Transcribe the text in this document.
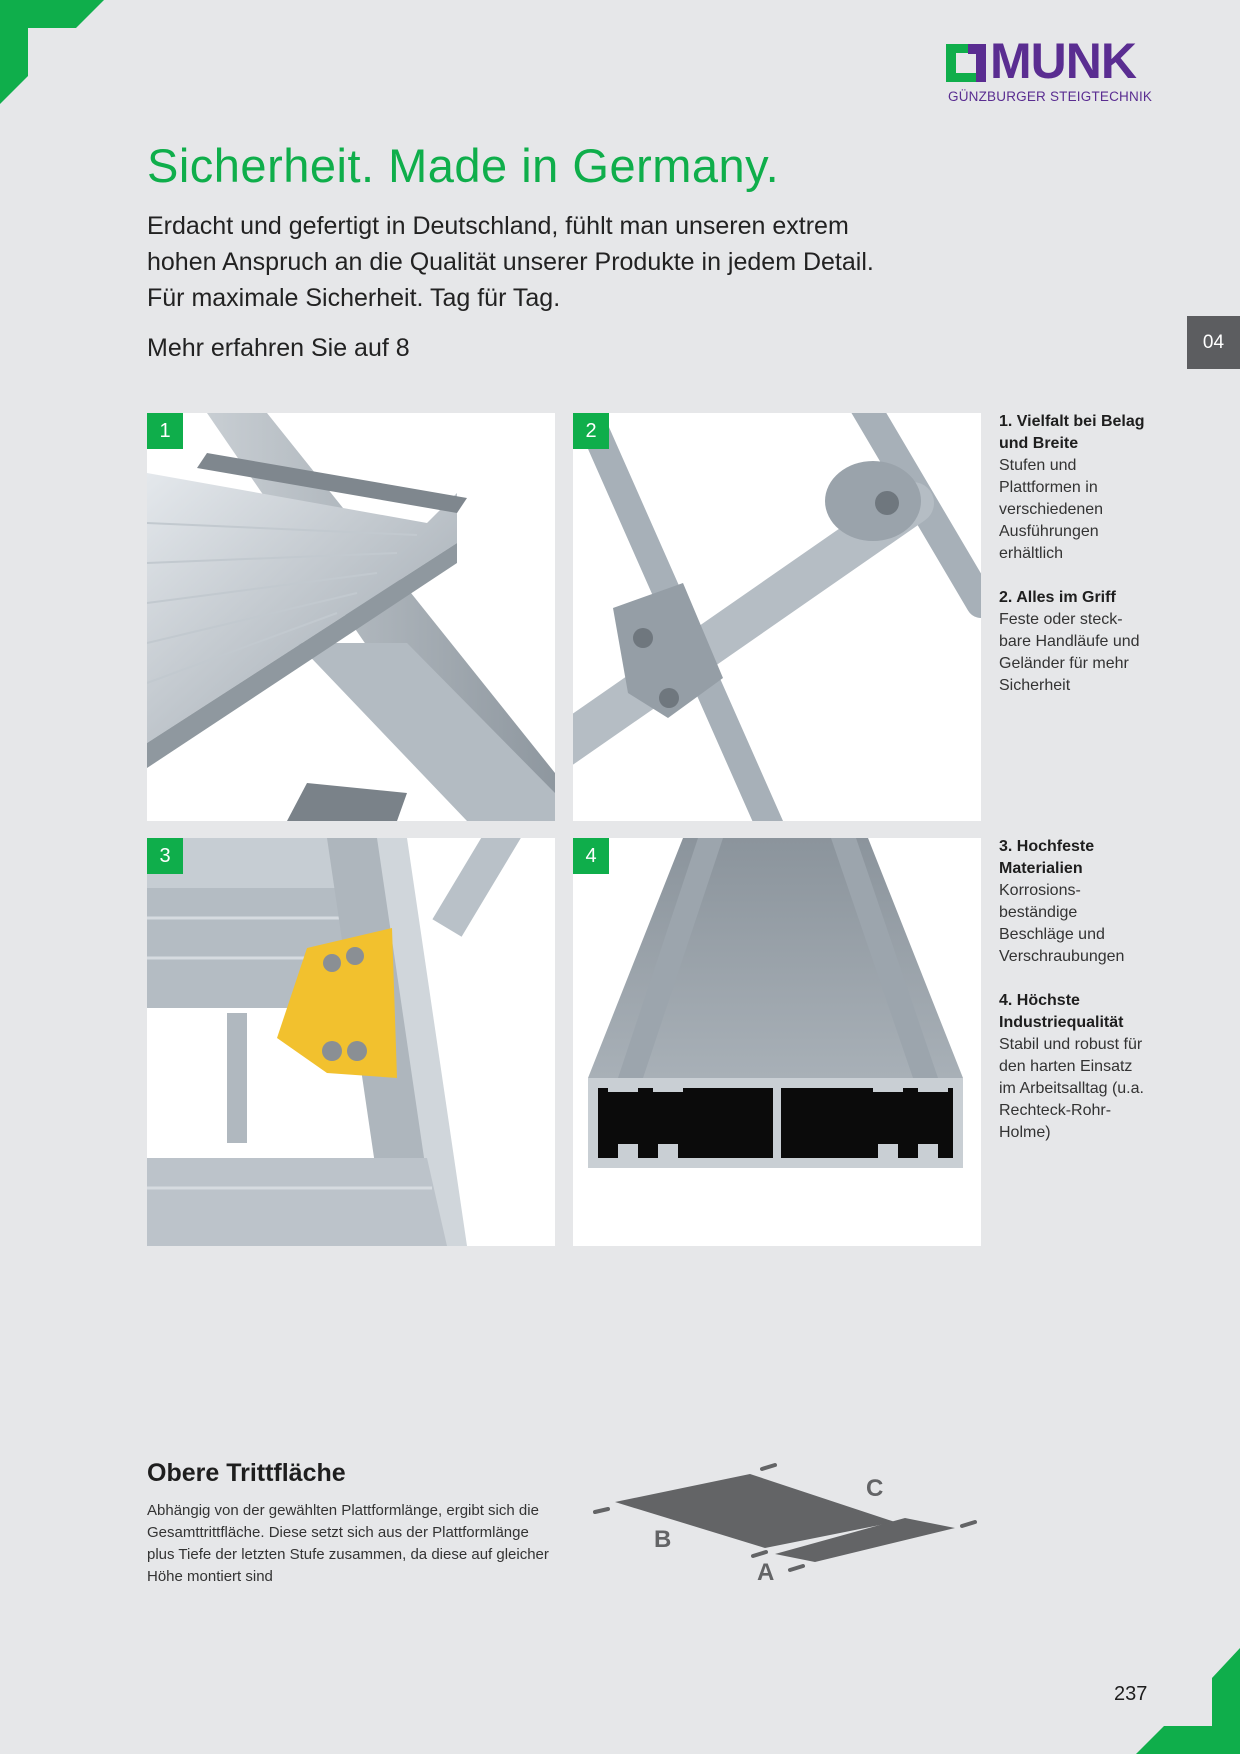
MUNK
GÜNZBURGER STEIGTECHNIK
Sicherheit. Made in Germany.

Erdacht und gefertigt in Deutschland, fühlt man unseren extrem hohen Anspruch an die Qualität unserer Produkte in jedem Detail. Für maximale Sicherheit. Tag für Tag.

Mehr erfahren Sie auf 8	04
1	2
3	4
1. Vielfalt bei Belag und Breite
Stufen und Plattformen in verschiedenen Ausführungen erhältlich
2. Alles im Griff
Feste oder steck-bare Handläufe und Geländer für mehr Sicherheit
3. Hochfeste Materialien
Korrosions-beständige Beschläge und Verschraubungen
4. Höchste Industriequalität
Stabil und robust für den harten Einsatz im Arbeitsalltag (u.a. Rechteck-Rohr-Holme)
Obere Trittfläche

Abhängig von der gewählten Plattformlänge, ergibt sich die Gesamttrittfläche. Diese setzt sich aus der Plattformlänge plus Tiefe der letzten Stufe zusammen, da diese auf gleicher Höhe montiert sind	A
B
C
237
